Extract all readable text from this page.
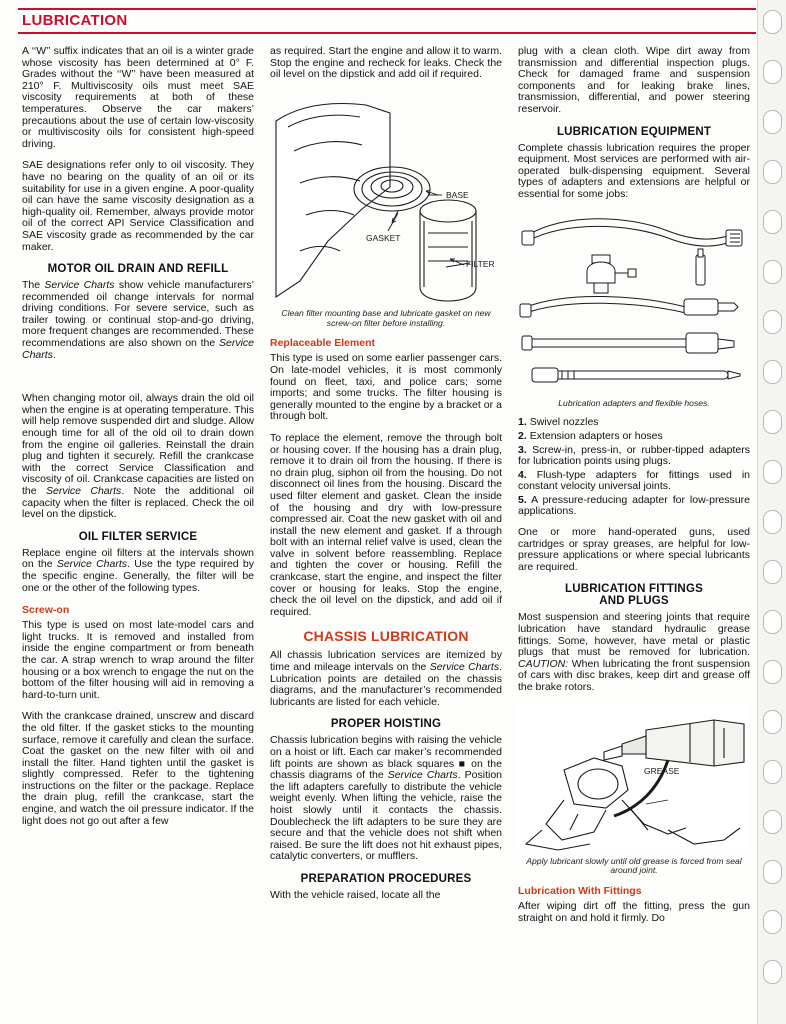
LUBRICATION

A ‘‘W’’ suffix indicates that an oil is a winter grade whose viscosity has been determined at 0° F. Grades without the ‘‘W’’ have been measured at 210° F. Multiviscosity oils must meet SAE viscosity requirements at both of these temperatures. Observe the car makers’ precautions about the use of certain low-viscosity or multiviscosity oils for consistent high-speed driving.

SAE designations refer only to oil viscosity. They have no bearing on the quality of an oil or its suitability for use in a given engine. A poor-quality oil can have the same viscosity designation as a high-quality oil. Remember, always provide motor oil of the correct API Service Classification and SAE viscosity grade as recommended by the car maker.

MOTOR OIL DRAIN AND REFILL

The Service Charts show vehicle manufacturers’ recommended oil change intervals for normal driving conditions. For severe service, such as trailer towing or continual stop-and-go driving, more frequent changes are recommended. These recommendations are also shown on the Service Charts.

When changing motor oil, always drain the old oil when the engine is at operating temperature. This will help remove suspended dirt and sludge. Allow enough time for all of the old oil to drain down from the engine oil galleries. Reinstall the drain plug and tighten it securely. Refill the crankcase with the correct Service Classification and viscosity of oil. Crankcase capacities are listed on the Service Charts. Note the additional oil capacity when the filter is replaced. Check the oil level on the dipstick.

OIL FILTER SERVICE

Replace engine oil filters at the intervals shown on the Service Charts. Use the type required by the specific engine. Generally, the filter will be one or the other of the following types.

Screw-on

This type is used on most late-model cars and light trucks. It is removed and installed from inside the engine compartment or from beneath the car. A strap wrench to wrap around the filter housing or a box wrench to engage the nut on the bottom of the filter housing will aid in removing a hard-to-turn unit.

With the crankcase drained, unscrew and discard the old filter. If the gasket sticks to the mounting surface, remove it carefully and clean the surface. Coat the gasket on the new filter with oil and install the filter. Hand tighten until the gasket is slightly compressed. Refer to the tightening instructions on the filter or the package. Replace the drain plug, refill the crankcase, start the engine, and watch the oil pressure indicator. If the light does not go out after a few

as required. Start the engine and allow it to warm. Stop the engine and recheck for leaks. Check the oil level on the dipstick and add oil if required.

GASKET
BASE
FILTER
Clean filter mounting base and lubricate gasket on new screw-on filter before installing.
Replaceable Element

This type is used on some earlier passenger cars. On late-model vehicles, it is most commonly found on fleet, taxi, and police cars; some imports; and some trucks. The filter housing is generally mounted to the engine by a bracket or a through bolt.

To replace the element, remove the through bolt or housing cover. If the housing has a drain plug, remove it to drain oil from the housing. If there is no drain plug, siphon oil from the housing. Do not disconnect oil lines from the housing. Discard the used filter element and gasket. Clean the inside of the housing and dry with low-pressure compressed air. Coat the new gasket with oil and install the new element and gasket. If a through bolt with an internal relief valve is used, clean the valve in solvent before reassembling. Replace and tighten the cover or housing. Refill the crankcase, start the engine, and inspect the filter cover or housing for leaks. Stop the engine, check the oil level on the dipstick, and add oil if required.

CHASSIS LUBRICATION

All chassis lubrication services are itemized by time and mileage intervals on the Service Charts. Lubrication points are detailed on the chassis diagrams, and the manufacturer’s recommended lubricants are listed for each vehicle.

PROPER HOISTING

Chassis lubrication begins with raising the vehicle on a hoist or lift. Each car maker’s recommended lift points are shown as black squares ■ on the chassis diagrams of the Service Charts. Position the lift adapters carefully to distribute the vehicle weight evenly. When lifting the vehicle, raise the hoist slowly until it contacts the chassis. Doublecheck the lift adapters to be sure they are secure and that the vehicle does not shift when raised. Be sure the lift does not hit exhaust pipes, catalytic converters, or mufflers.

PREPARATION PROCEDURES

With the vehicle raised, locate all the

plug with a clean cloth. Wipe dirt away from transmission and differential inspection plugs. Check for damaged frame and suspension components and for leaking brake lines, transmission, differential, and power steering reservoir.

LUBRICATION EQUIPMENT

Complete chassis lubrication requires the proper equipment. Most services are performed with air-operated bulk-dispensing equipment. Several types of adapters and extensions are helpful or essential for some jobs:

Lubrication adapters and flexible hoses.
1. Swivel nozzles
2. Extension adapters or hoses
3. Screw-in, press-in, or rubber-tipped adapters for lubrication points using plugs.
4. Flush-type adapters for fittings used in constant velocity universal joints.
5. A pressure-reducing adapter for low-pressure applications.

One or more hand-operated guns, used cartridges or spray greases, are helpful for low-pressure applications or where special lubricants are required.

LUBRICATION FITTINGS
AND PLUGS

Most suspension and steering joints that require lubrication have standard hydraulic grease fittings. Some, however, have metal or plastic plugs that must be removed for lubrication. CAUTION: When lubricating the front suspension of cars with disc brakes, keep dirt and grease off the brake rotors.

GREASE
Apply lubricant slowly until old grease is forced from seal around joint.
Lubrication With Fittings

After wiping dirt off the fitting, press the gun straight on and hold it firmly. Do
